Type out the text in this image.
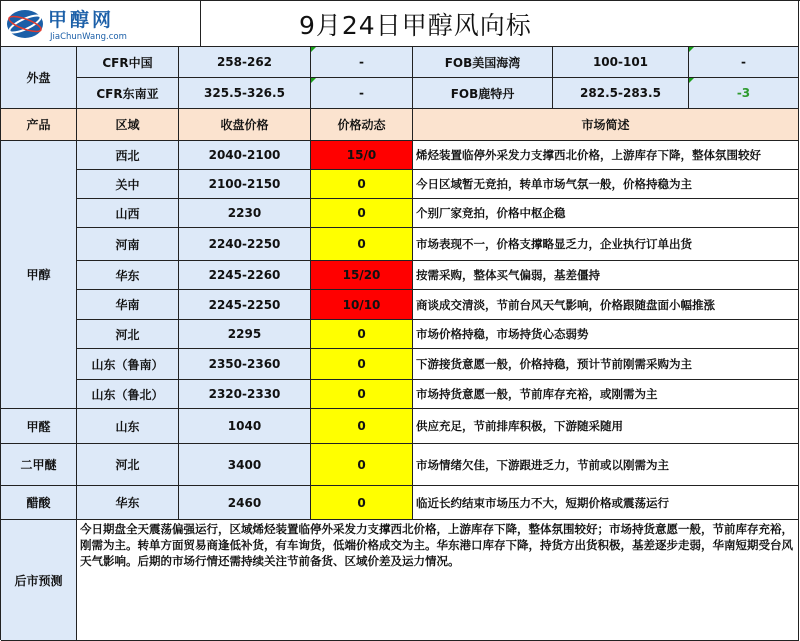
甲醇网
JiaChunWang.com	9月24日甲醇风向标
外盘
CFR中国	258-262	-	FOB美国海湾	100-101	-
CFR东南亚	325.5-326.5	-	FOB鹿特丹	282.5-283.5	-3
产品	区域	收盘价格	价格动态	市场简述
甲醇
西北	2040-2100	15/0	烯烃装置临停外采发力支撑西北价格，上游库存下降，整体氛围较好
关中	2100-2150	0	今日区域暂无竞拍，转单市场气氛一般，价格持稳为主
山西	2230	0	个别厂家竞拍，价格中枢企稳
河南	2240-2250	0	市场表现不一，价格支撑略显乏力，企业执行订单出货
华东	2245-2260	15/20	按需采购，整体买气偏弱，基差僵持
华南	2245-2250	10/10	商谈成交清淡，节前台风天气影响，价格跟随盘面小幅推涨
河北	2295	0	市场价格持稳，市场持货心态弱势
山东（鲁南）	2350-2360	0	下游接货意愿一般，价格持稳，预计节前刚需采购为主
山东（鲁北）	2320-2330	0	市场持货意愿一般，节前库存充裕，或刚需为主
甲醛	山东	1040	0	供应充足，节前排库积极，下游随采随用
二甲醚	河北	3400	0	市场情绪欠佳，下游跟进乏力，节前或以刚需为主
醋酸	华东	2460	0	临近长约结束市场压力不大，短期价格或震荡运行
后市预测
今日期盘全天震荡偏强运行，区域烯烃装置临停外采发力支撑西北价格，上游库存下降，整体氛围较好；市场持货意愿一般，节前库存充裕，刚需为主。转单方面贸易商逢低补货，有车询货，低端价格成交为主。华东港口库存下降，持货方出货积极，基差逐步走弱，华南短期受台风天气影响。后期的市场行情还需持续关注节前备货、区域价差及运力情况。
